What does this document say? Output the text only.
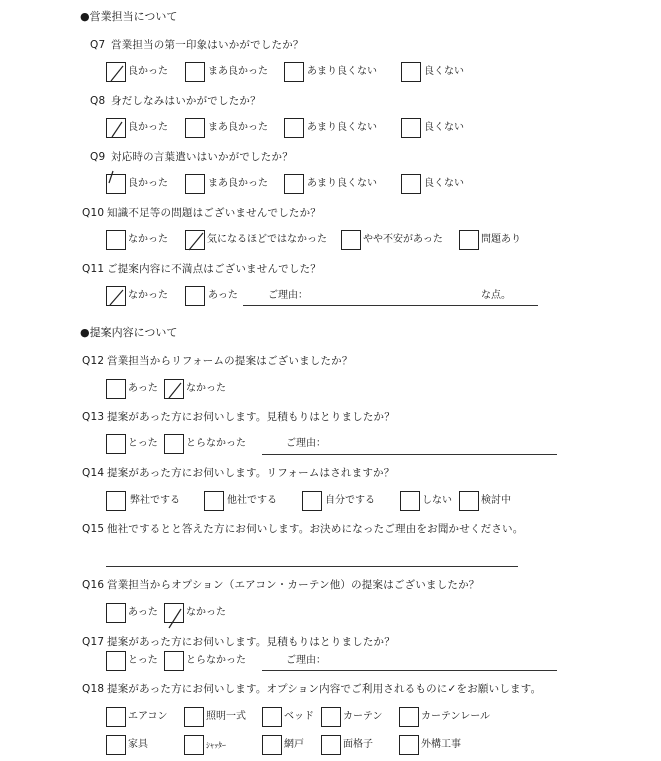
●営業担当について
Q7 営業担当の第一印象はいかがでしたか？
良かった	まあ良かった	あまり良くない	良くない
Q8 身だしなみはいかがでしたか？
良かった	まあ良かった	あまり良くない	良くない
Q9 対応時の言葉遣いはいかがでしたか？
良かった	まあ良かった	あまり良くない	良くない
Q10 知識不足等の問題はございませんでしたか？
なかった	気になるほどではなかった	やや不安があった	問題あり
Q11 ご提案内容に不満点はございませんでした？
なかった	あった	ご理由：	な点。
●提案内容について
Q12 営業担当からリフォームの提案はございましたか？
あった	なかった
Q13 提案があった方にお伺いします。見積もりはとりましたか？
とった	とらなかった	ご理由：
Q14 提案があった方にお伺いします。リフォームはされますか？
弊社でする	他社でする	自分でする	しない	検討中
Q15 他社でするとと答えた方にお伺いします。お決めになったご理由をお聞かせください。
Q16 営業担当からオプション（エアコン・カーテン他）の提案はございましたか？
あった	なかった
Q17 提案があった方にお伺いします。見積もりはとりましたか？
とった	とらなかった	ご理由：
Q18 提案があった方にお伺いします。オプション内容でご利用されるものに✓をお願いします。
エアコン	照明一式	ベッド	カーテン	カーテンレール
家具	ｼｬｯﾀｰ	網戸	面格子	外構工事
